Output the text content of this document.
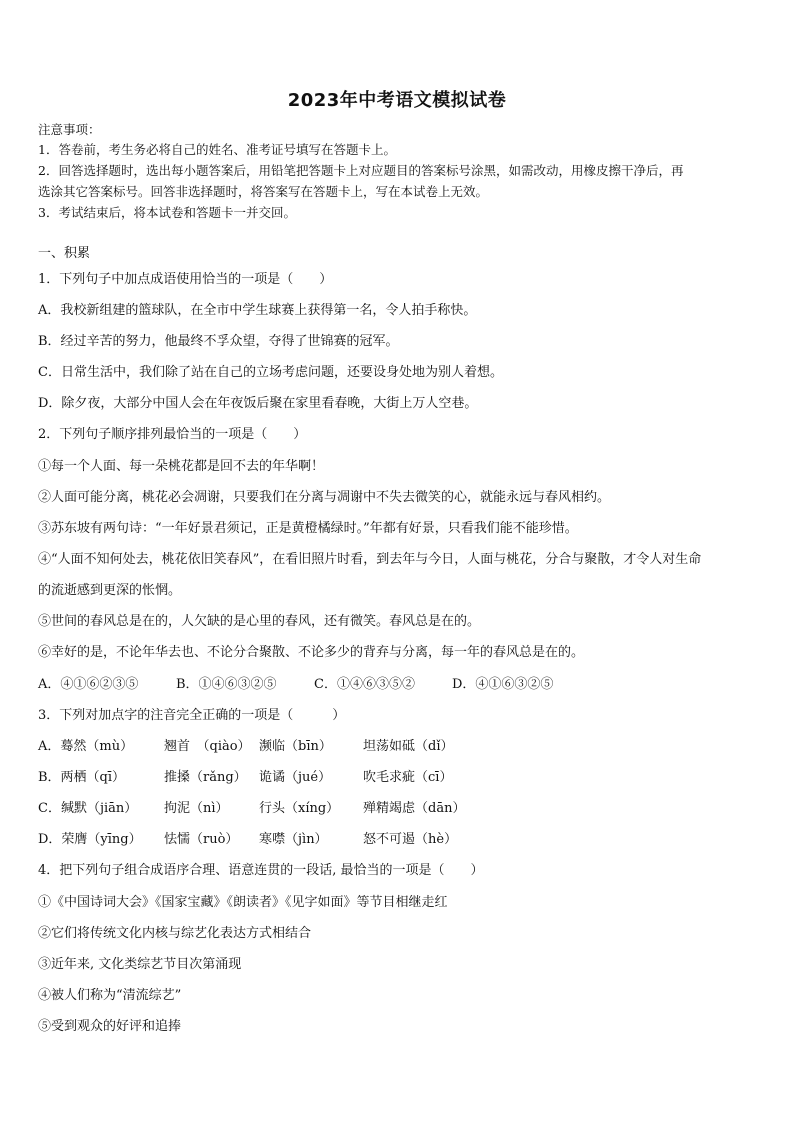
2023年中考语文模拟试卷
注意事项：
1．答卷前，考生务必将自己的姓名、准考证号填写在答题卡上。
2．回答选择题时，选出每小题答案后，用铅笔把答题卡上对应题目的答案标号涂黑，如需改动，用橡皮擦干净后，再
选涂其它答案标号。回答非选择题时，将答案写在答题卡上，写在本试卷上无效。
3．考试结束后，将本试卷和答题卡一并交回。
一、积累
1．下列句子中加点成语使用恰当的一项是（　　）
A．我校新组建的篮球队，在全市中学生球赛上获得第一名，令人拍手称快。
B．经过辛苦的努力，他最终不孚众望，夺得了世锦赛的冠军。
C．日常生活中，我们除了站在自己的立场考虑问题，还要设身处地为别人着想。
D．除夕夜，大部分中国人会在年夜饭后聚在家里看春晚，大街上万人空巷。
2．下列句子顺序排列最恰当的一项是（　　）
①每一个人面、每一朵桃花都是回不去的年华啊！
②人面可能分离，桃花必会凋谢，只要我们在分离与凋谢中不失去微笑的心，就能永远与春风相约。
③苏东坡有两句诗：“一年好景君须记，正是黄橙橘绿时。”年都有好景，只看我们能不能珍惜。
④“人面不知何处去，桃花依旧笑春风”，在看旧照片时看，到去年与今日，人面与桃花，分合与聚散，才令人对生命
的流逝感到更深的怅惘。
⑤世间的春风总是在的，人欠缺的是心里的春风，还有微笑。春风总是在的。
⑥幸好的是，不论年华去也、不论分合聚散、不论多少的背弃与分离，每一年的春风总是在的。
A．④①⑥②③⑤	B．①④⑥③②⑤	C．①④⑥③⑤②	D．④①⑥③②⑤
3．下列对加点字的注音完全正确的一项是（　　　）
A．蓦然（mù） 翘首　（qiào） 濒临（bīn） 坦荡如砥（dǐ）
B．两栖（qī）	推搡（rǎng） 诡谲（jué） 吹毛求疵（cī）
C．缄默（jiān） 拘泥（nì） 行头（xíng） 殚精竭虑（dān）
D．荣膺（yīng） 怯懦（ruò） 寒噤（jìn）	怒不可遏（hè）
4．把下列句子组合成语序合理、语意连贯的一段话, 最恰当的一项是（　　）
①《中国诗词大会》《国家宝藏》《朗读者》《见字如面》等节目相继走红
②它们将传统文化内核与综艺化表达方式相结合
③近年来, 文化类综艺节目次第涌现
④被人们称为“清流综艺”
⑤受到观众的好评和追捧
